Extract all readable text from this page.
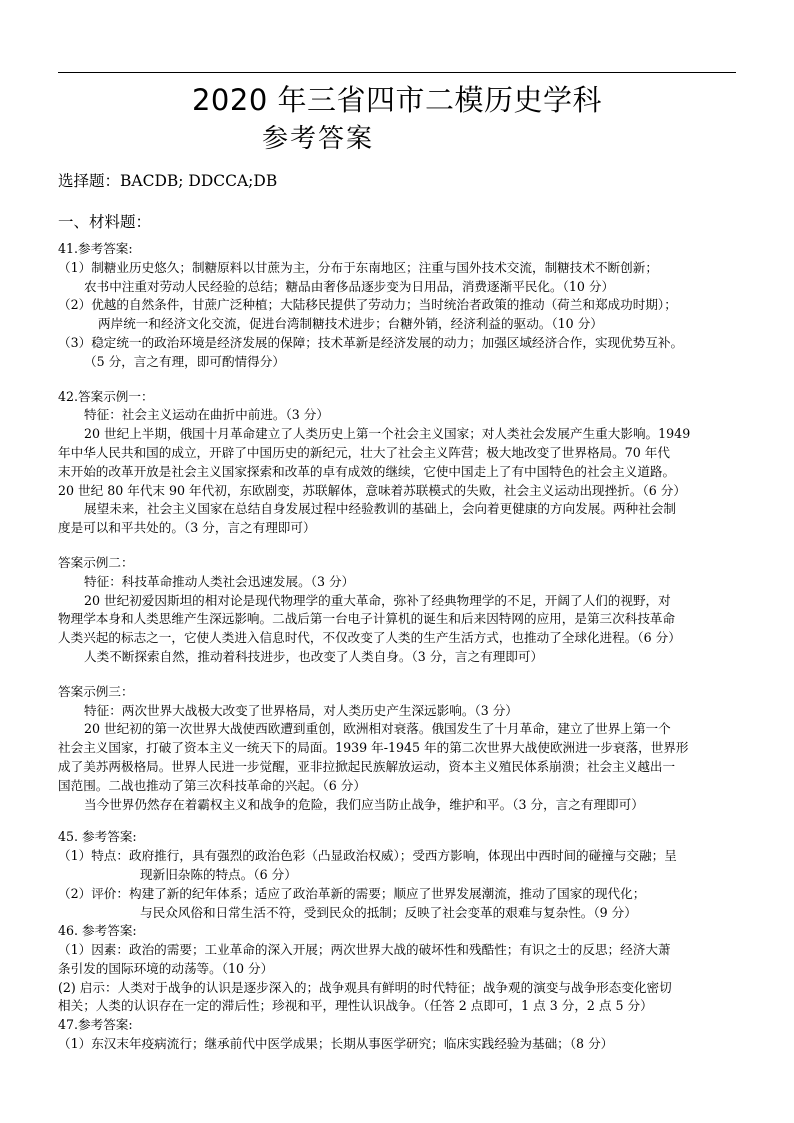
2020 年三省四市二模历史学科
参考答案
选择题：BACDB; DDCCA;DB
一、材料题：
41.参考答案:
（1）制糖业历史悠久；制糖原料以甘蔗为主，分布于东南地区；注重与国外技术交流，制糖技术不断创新；
农书中注重对劳动人民经验的总结；糖品由奢侈品逐步变为日用品，消费逐渐平民化。（10 分）
（2）优越的自然条件，甘蔗广泛种植；大陆移民提供了劳动力；当时统治者政策的推动（荷兰和郑成功时期）；
两岸统一和经济文化交流，促进台湾制糖技术进步；台糖外销，经济利益的驱动。（10 分）
（3）稳定统一的政治环境是经济发展的保障；技术革新是经济发展的动力；加强区域经济合作，实现优势互补。
（5 分，言之有理，即可酌情得分）
42.答案示例一：
特征：社会主义运动在曲折中前进。（3 分）
20 世纪上半期，俄国十月革命建立了人类历史上第一个社会主义国家；对人类社会发展产生重大影响。1949
年中华人民共和国的成立，开辟了中国历史的新纪元，壮大了社会主义阵营；极大地改变了世界格局。70 年代
末开始的改革开放是社会主义国家探索和改革的卓有成效的继续，它使中国走上了有中国特色的社会主义道路。
20 世纪 80 年代末 90 年代初，东欧剧变，苏联解体，意味着苏联模式的失败，社会主义运动出现挫折。（6 分）
展望未来，社会主义国家在总结自身发展过程中经验教训的基础上，会向着更健康的方向发展。两种社会制
度是可以和平共处的。（3 分，言之有理即可）
答案示例二：
特征：科技革命推动人类社会迅速发展。（3 分）
20 世纪初爱因斯坦的相对论是现代物理学的重大革命，弥补了经典物理学的不足，开阔了人们的视野，对
物理学本身和人类思维产生深远影响。二战后第一台电子计算机的诞生和后来因特网的应用，是第三次科技革命
人类兴起的标志之一，它使人类进入信息时代，不仅改变了人类的生产生活方式，也推动了全球化进程。（6 分）
人类不断探索自然，推动着科技进步，也改变了人类自身。（3 分，言之有理即可）
答案示例三：
特征：两次世界大战极大改变了世界格局，对人类历史产生深远影响。（3 分）
20 世纪初的第一次世界大战使西欧遭到重创，欧洲相对衰落。俄国发生了十月革命，建立了世界上第一个
社会主义国家，打破了资本主义一统天下的局面。1939 年-1945 年的第二次世界大战使欧洲进一步衰落，世界形
成了美苏两极格局。世界人民进一步觉醒，亚非拉掀起民族解放运动，资本主义殖民体系崩溃；社会主义越出一
国范围。二战也推动了第三次科技革命的兴起。（6 分）
当今世界仍然存在着霸权主义和战争的危险，我们应当防止战争，维护和平。（3 分，言之有理即可）
45. 参考答案:
（1）特点：政府推行，具有强烈的政治色彩（凸显政治权威）；受西方影响，体现出中西时间的碰撞与交融；呈
现新旧杂陈的特点。（6 分）
（2）评价：构建了新的纪年体系；适应了政治革新的需要；顺应了世界发展潮流，推动了国家的现代化；
与民众风俗和日常生活不符，受到民众的抵制；反映了社会变革的艰难与复杂性。（9 分）
46. 参考答案:
（1）因素：政治的需要；工业革命的深入开展；两次世界大战的破坏性和残酷性；有识之士的反思；经济大萧
条引发的国际环境的动荡等。（10 分）
(2) 启示：人类对于战争的认识是逐步深入的；战争观具有鲜明的时代特征；战争观的演变与战争形态变化密切
相关；人类的认识存在一定的滞后性；珍视和平，理性认识战争。（任答 2 点即可，1 点 3 分，2 点 5 分）
47.参考答案:
（1）东汉末年疫病流行；继承前代中医学成果；长期从事医学研究；临床实践经验为基础；（8 分）
